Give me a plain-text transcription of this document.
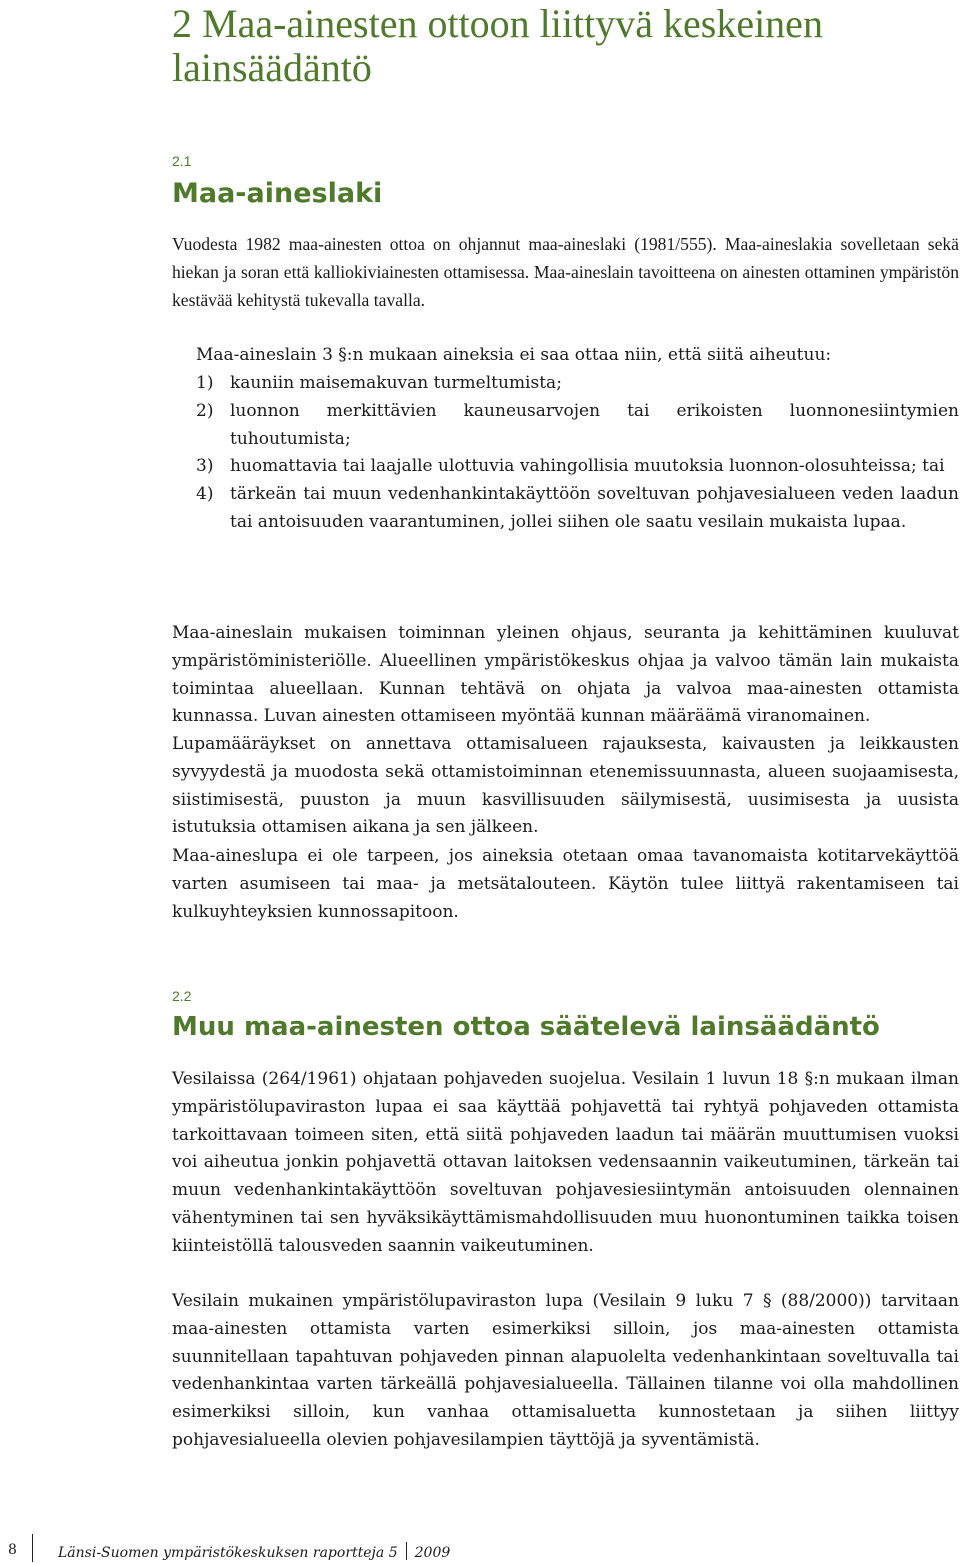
2 Maa-ainesten ottoon liittyvä keskeinen lainsäädäntö
2.1
Maa-aineslaki

Vuodesta 1982 maa-ainesten ottoa on ohjannut maa-aineslaki (1981/555). Maa-aineslakia sovelletaan sekä hiekan ja soran että kalliokiviainesten ottamisessa. Maa-aineslain tavoitteena on ainesten ottaminen ympäristön kestävää kehitystä tukevalla tavalla.

Maa-aineslain 3 §:n mukaan aineksia ei saa ottaa niin, että siitä aiheutuu:

1) kauniin maisemakuvan turmeltumista;
2) luonnon merkittävien kauneusarvojen tai erikoisten luonnonesiintymien tuhoutumista;
3) huomattavia tai laajalle ulottuvia vahingollisia muutoksia luonnon-olosuhteissa; tai
4) tärkeän tai muun vedenhankintakäyttöön soveltuvan pohjavesialueen veden laadun tai antoisuuden vaarantuminen, jollei siihen ole saatu vesilain mukaista lupaa.

Maa-aineslain mukaisen toiminnan yleinen ohjaus, seuranta ja kehittäminen kuuluvat ympäristöministeriölle. Alueellinen ympäristökeskus ohjaa ja valvoo tämän lain mukaista toimintaa alueellaan. Kunnan tehtävä on ohjata ja valvoa maa-ainesten ottamista kunnassa. Luvan ainesten ottamiseen myöntää kunnan määräämä viranomainen.

Lupamääräykset on annettava ottamisalueen rajauksesta, kaivausten ja leikkausten syvyydestä ja muodosta sekä ottamistoiminnan etenemissuunnasta, alueen suojaamisesta, siistimisestä, puuston ja muun kasvillisuuden säilymisestä, uusimisesta ja uusista istutuksia ottamisen aikana ja sen jälkeen.

Maa-aineslupa ei ole tarpeen, jos aineksia otetaan omaa tavanomaista kotitarvekäyttöä varten asumiseen tai maa- ja metsätalouteen. Käytön tulee liittyä rakentamiseen tai kulkuyhteyksien kunnossapitoon.

2.2
Muu maa-ainesten ottoa säätelevä lainsäädäntö

Vesilaissa (264/1961) ohjataan pohjaveden suojelua. Vesilain 1 luvun 18 §:n mukaan ilman ympäristölupaviraston lupaa ei saa käyttää pohjavettä tai ryhtyä pohjaveden ottamista tarkoittavaan toimeen siten, että siitä pohjaveden laadun tai määrän muuttumisen vuoksi voi aiheutua jonkin pohjavettä ottavan laitoksen vedensaannin vaikeutuminen, tärkeän tai muun vedenhankintakäyttöön soveltuvan pohjavesiesiintymän antoisuuden olennainen vähentyminen tai sen hyväksikäyttämismahdollisuuden muu huonontuminen taikka toisen kiinteistöllä talousveden saannin vaikeutuminen.

Vesilain mukainen ympäristölupaviraston lupa (Vesilain 9 luku 7 § (88/2000)) tarvitaan maa-ainesten ottamista varten esimerkiksi silloin, jos maa-ainesten ottamista suunnitellaan tapahtuvan pohjaveden pinnan alapuolelta vedenhankintaan soveltuvalla tai vedenhankintaa varten tärkeällä pohjavesialueella. Tällainen tilanne voi olla mahdollinen esimerkiksi silloin, kun vanhaa ottamisaluetta kunnostetaan ja siihen liittyy pohjavesialueella olevien pohjavesilampien täyttöjä ja syventämistä.

8	Länsi-Suomen ympäristökeskuksen raportteja 5 2009
